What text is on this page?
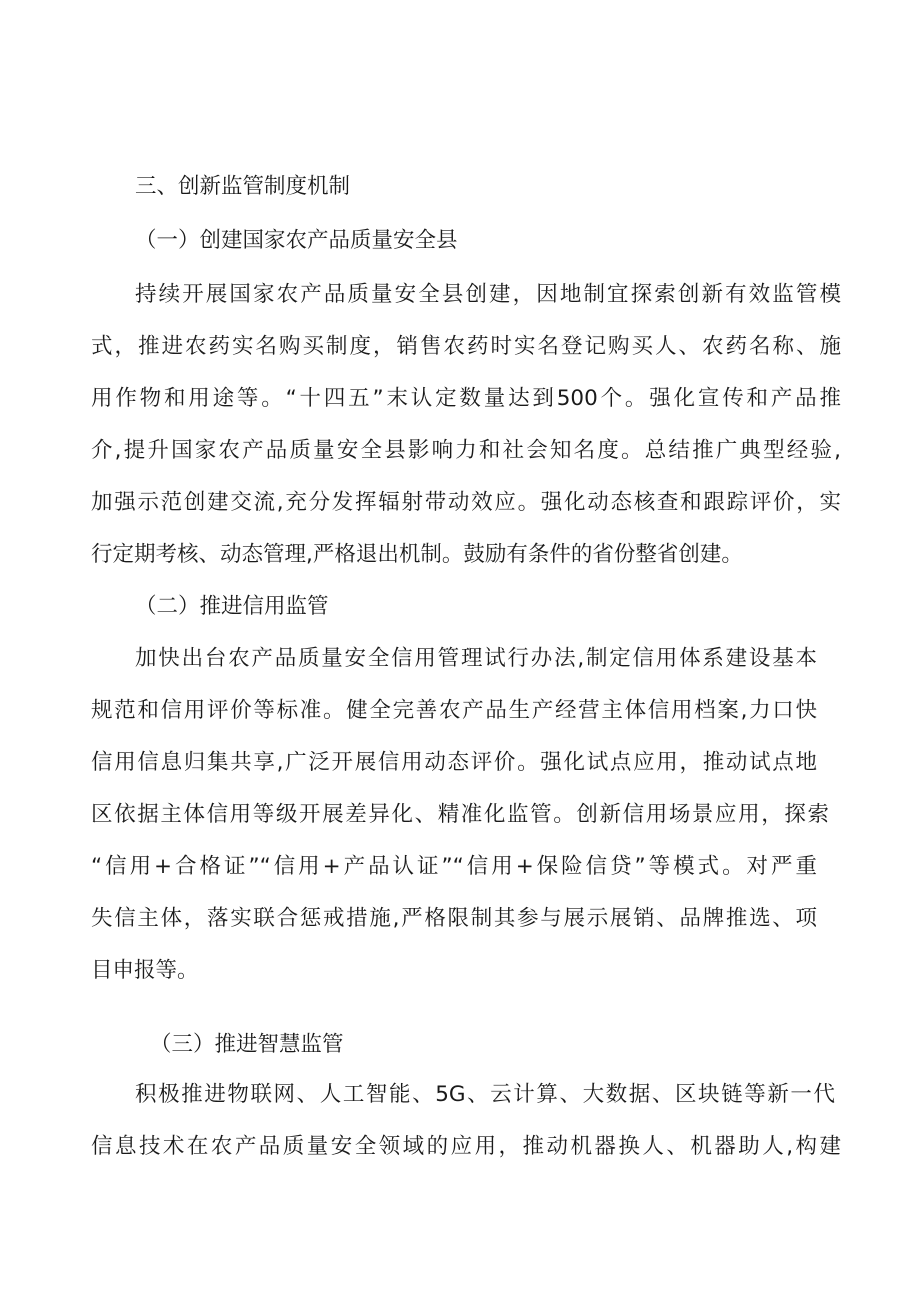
三、创新监管制度机制
（一）创建国家农产品质量安全县
持续开展国家农产品质量安全县创建，因地制宜探索创新有效监管模
式，推进农药实名购买制度，销售农药时实名登记购买人、农药名称、施
用作物和用途等。“十四五”末认定数量达到500个。强化宣传和产品推
介,提升国家农产品质量安全县影响力和社会知名度。总结推广典型经验,
加强示范创建交流,充分发挥辐射带动效应。强化动态核查和跟踪评价，实
行定期考核、动态管理,严格退出机制。鼓励有条件的省份整省创建。
（二）推进信用监管
加快出台农产品质量安全信用管理试行办法,制定信用体系建设基本
规范和信用评价等标准。健全完善农产品生产经营主体信用档案,力口快
信用信息归集共享,广泛开展信用动态评价。强化试点应用，推动试点地
区依据主体信用等级开展差异化、精准化监管。创新信用场景应用，探索
“信用+合格证”“信用+产品认证”“信用+保险信贷”等模式。对严重
失信主体，落实联合惩戒措施,严格限制其参与展示展销、品牌推选、项
目申报等。
（三）推进智慧监管
积极推进物联网、人工智能、5G、云计算、大数据、区块链等新一代
信息技术在农产品质量安全领域的应用，推动机器换人、机器助人,构建
